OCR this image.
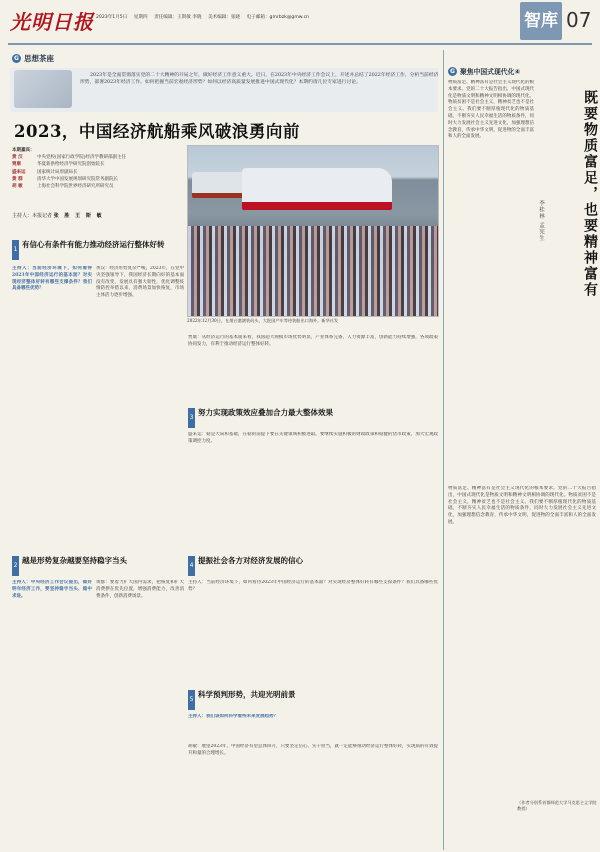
光明日报 2023年1月5日 星期四 责任编辑：王斯敏 李晓 美术编辑：张晓 电子邮箱：gmrbzk@gmw.cn	智库 07
G 思想茶座
2023年是全面贯彻落实党的二十大精神的开局之年，做好经济工作意义重大。近日，在2023年中央经济工作会议上，开述并总结了2022年经济工作，分析当前经济形势，部署2023年经济工作。如何把握当前宏观经济形势？如何以经济高质量发展推进中国式现代化？本期约请几位专家进行讨论。
2023，中国经济航船乘风破浪勇向前
本期嘉宾：
黄 汉	中央党校(国家行政学院)经济学教研部副主任
贾康	华夏新供给经济学研究院创始院长
盛来运	国家统计局原副局长
黄 群	清华大学中国发展规划研究院常务副院长
胡 敏	上海社会科学院世界经济研究所研究员
主持人：本报记者 张 胜 王 斯 敏
2022年12月30日，在烟台港滚装码头，大批国产车等待装船出口海外。新华社发
1
有信心有条件有能力推动经济运行整体好转
主持人：当前经济环境下，如何看待2023年中国经济运行的基本面？对实现经济整体好转有哪些支撑条件？我们具备哪些优势？
黄汉：经济形势复杂严峻，2023年，在党中央坚强领导下，我国经济长期向好的基本面没有改变，发展具有强大韧性，优化调整疫情防控举措以来，消费场景加快恢复，市场主体活力逐步增强。
贾康：从经济运行的基本面来看，我国超大规模市场优势明显，产业体系完备，人力资源丰富，创新能力持续增强，各项政策协同发力，有利于推动经济运行整体好转。
3
努力实现政策效应叠加合力最大整体效果
盛来运：稳是大局和基础，在稳的前提下要在关键领域积极进取。要继续实施积极的财政政策和稳健的货币政策，加大宏观政策调控力度。
2
越是形势复杂越要坚持稳字当头
主持人：中央经济工作会议提出，做好明年经济工作，要坚持稳字当头、稳中求进。
黄群：要着力扩大国内需求，把恢复和扩大消费摆在优先位置，增强消费能力，改善消费条件，创新消费场景。
4
提振社会各方对经济发展的信心
主持人：当前经济环境下，如何看待2023年中国经济运行的基本面？对实现经济整体好转有哪些支撑条件？我们具备哪些优势？
5
科学预判形势，共迎光明前景
主持人：我们该如何科学看待未来发展趋势？
胡敏：展望2023年，中国经济有望总体回升，只要坚定信心、实干担当，就一定能够推动经济运行整体好转，实现质的有效提升和量的合理增长。
G 聚焦中国式现代化④
既要物质富足，也要精神富有
李桂林 孟宪生
物质富足、精神富有是社会主义现代化的根本要求。党的二十大报告指出，中国式现代化是物质文明和精神文明相协调的现代化。物质贫困不是社会主义，精神贫乏也不是社会主义。我们要不断厚植现代化的物质基础，不断夯实人民幸福生活的物质条件，同时大力发展社会主义先进文化，加强理想信念教育，传承中华文明，促进物的全面丰富和人的全面发展。
物质富足、精神富有是社会主义现代化的根本要求。党的二十大报告指出，中国式现代化是物质文明和精神文明相协调的现代化。物质贫困不是社会主义，精神贫乏也不是社会主义。我们要不断厚植现代化的物质基础，不断夯实人民幸福生活的物质条件，同时大力发展社会主义先进文化，加强理想信念教育，传承中华文明，促进物的全面丰富和人的全面发展。
（作者分别系首都师范大学马克思主义学院教授）
